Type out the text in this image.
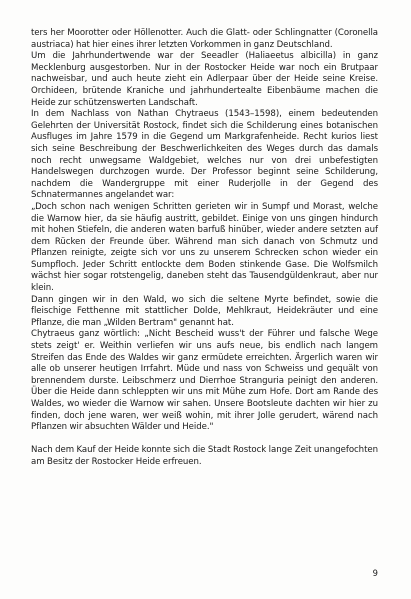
ters her Moorotter oder Höllenotter. Auch die Glatt- oder Schlingnatter (Coronella austriaca) hat hier eines ihrer letzten Vorkommen in ganz Deutschland.

Um die Jahrhundertwende war der Seeadler (Haliaeetus albicilla) in ganz Mecklenburg ausgestorben. Nur in der Rostocker Heide war noch ein Brutpaar nachweisbar, und auch heute zieht ein Adlerpaar über der Heide seine Kreise. Orchideen, brütende Kraniche und jahrhundertealte Eibenbäume machen die Heide zur schützenswerten Landschaft.

In dem Nachlass von Nathan Chytraeus (1543–1598), einem bedeutenden Gelehrten der Universität Rostock, findet sich die Schilderung eines botanischen Ausfluges im Jahre 1579 in die Gegend um Markgrafenheide. Recht kurios liest sich seine Beschreibung der Beschwerlichkeiten des Weges durch das damals noch recht unwegsame Waldgebiet, welches nur von drei unbefestigten Handelswegen durchzogen wurde. Der Professor beginnt seine Schilderung, nachdem die Wandergruppe mit einer Ruderjolle in der Gegend des Schnatermannes angelandet war:

„Doch schon nach wenigen Schritten gerieten wir in Sumpf und Morast, welche die Warnow hier, da sie häufig austritt, gebildet. Einige von uns gingen hindurch mit hohen Stiefeln, die anderen waten barfuß hinüber, wieder andere setzten auf dem Rücken der Freunde über. Während man sich danach von Schmutz und Pflanzen reinigte, zeigte sich vor uns zu unserem Schrecken schon wieder ein Sumpfloch. Jeder Schritt entlockte dem Boden stinkende Gase. Die Wolfsmilch wächst hier sogar rotstengelig, daneben steht das Tausendgüldenkraut, aber nur klein.

Dann gingen wir in den Wald, wo sich die seltene Myrte befindet, sowie die fleischige Fetthenne mit stattlicher Dolde, Mehlkraut, Heidekräuter und eine Pflanze, die man „Wilden Bertram" genannt hat.

Chytraeus ganz wörtlich: „Nicht Bescheid wuss't der Führer und falsche Wege stets zeigt' er. Weithin verliefen wir uns aufs neue, bis endlich nach langem Streifen das Ende des Waldes wir ganz ermüdete erreichten. Ärgerlich waren wir alle ob unserer heutigen Irrfahrt. Müde und nass von Schweiss und gequält von brennendem durste. Leibschmerz und Dierrhoe Stranguria peinigt den anderen. Über die Heide dann schleppten wir uns mit Mühe zum Hofe. Dort am Rande des Waldes, wo wieder die Warnow wir sahen. Unsere Bootsleute dachten wir hier zu finden, doch jene waren, wer weiß wohin, mit ihrer Jolle gerudert, wärend nach Pflanzen wir absuchten Wälder und Heide."

Nach dem Kauf der Heide konnte sich die Stadt Rostock lange Zeit unangefochten am Besitz der Rostocker Heide erfreuen.

9
